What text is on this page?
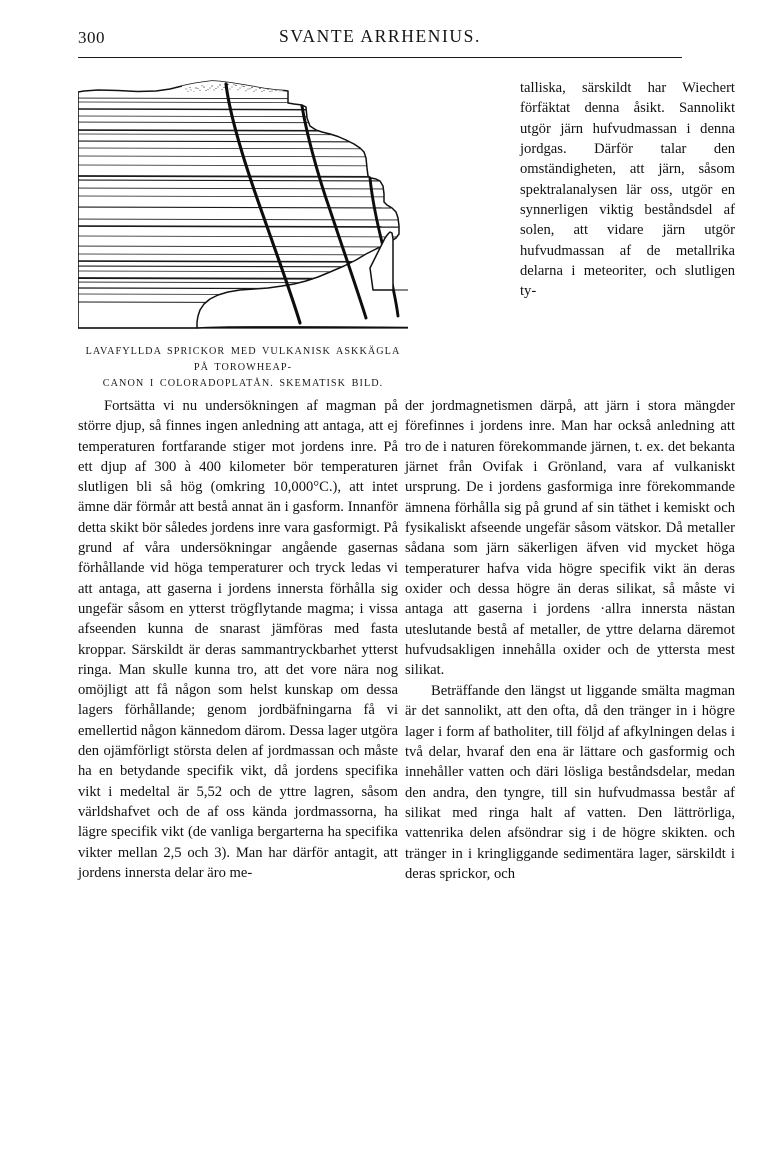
300	SVANTE ARRHENIUS.
LAVAFYLLDA SPRICKOR MED VULKANISK ASKKÄGLA PÅ TOROWHEAP-
CANON I COLORADOPLATÅN. SKEMATISK BILD.

talliska, särskildt har Wiechert förfäktat denna åsikt. Sannolikt utgör järn hufvudmassan i denna jordgas. Därför talar den omständigheten, att järn, såsom spektralanalysen lär oss, utgör en synnerligen viktig beståndsdel af solen, att vidare järn utgör hufvudmassan af de metallrika delarna i meteoriter, och slutligen ty-

Fortsätta vi nu undersökningen af magman på större djup, så finnes ingen anledning att antaga, att ej temperaturen fortfarande stiger mot jordens inre. På ett djup af 300 à 400 kilometer bör temperaturen slutligen bli så hög (omkring 10,000°C.), att intet ämne där förmår att bestå annat än i gasform. Innanför detta skikt bör således jordens inre vara gasformigt. På grund af våra undersökningar angående gasernas förhållande vid höga temperaturer och tryck ledas vi att antaga, att gaserna i jordens innersta förhålla sig ungefär såsom en ytterst trögflytande magma; i vissa afseenden kunna de snarast jämföras med fasta kroppar. Särskildt är deras sammantryckbarhet ytterst ringa. Man skulle kunna tro, att det vore nära nog omöjligt att få någon som helst kunskap om dessa lagers förhållande; genom jordbäfningarna få vi emellertid någon kännedom därom. Dessa lager utgöra den ojämförligt största delen af jordmassan och måste ha en betydande specifik vikt, då jordens specifika vikt i medeltal är 5,52 och de yttre lagren, såsom världshafvet och de af oss kända jordmassorna, ha lägre specifik vikt (de vanliga bergarterna ha specifika vikter mellan 2,5 och 3). Man har därför antagit, att jordens innersta delar äro me-

der jordmagnetismen därpå, att järn i stora mängder förefinnes i jordens inre. Man har också anledning att tro de i naturen förekommande järnen, t. ex. det bekanta järnet från Ovifak i Grönland, vara af vulkaniskt ursprung. De i jordens gasformiga inre förekommande ämnena förhålla sig på grund af sin täthet i kemiskt och fysikaliskt afseende ungefär såsom vätskor. Då metaller sådana som järn säkerligen äfven vid mycket höga temperaturer hafva vida högre specifik vikt än deras oxider och dessa högre än deras silikat, så måste vi antaga att gaserna i jordens ·allra innersta nästan uteslutande bestå af metaller, de yttre delarna däremot hufvudsakligen innehålla oxider och de yttersta mest silikat.

Beträffande den längst ut liggande smälta magman är det sannolikt, att den ofta, då den tränger in i högre lager i form af batholiter, till följd af afkylningen delas i två delar, hvaraf den ena är lättare och gasformig och innehåller vatten och däri lösliga beståndsdelar, medan den andra, den tyngre, till sin hufvudmassa består af silikat med ringa halt af vatten. Den lättrörliga, vattenrika delen afsöndrar sig i de högre skikten. och tränger in i kringliggande sedimentära lager, särskildt i deras sprickor, och
